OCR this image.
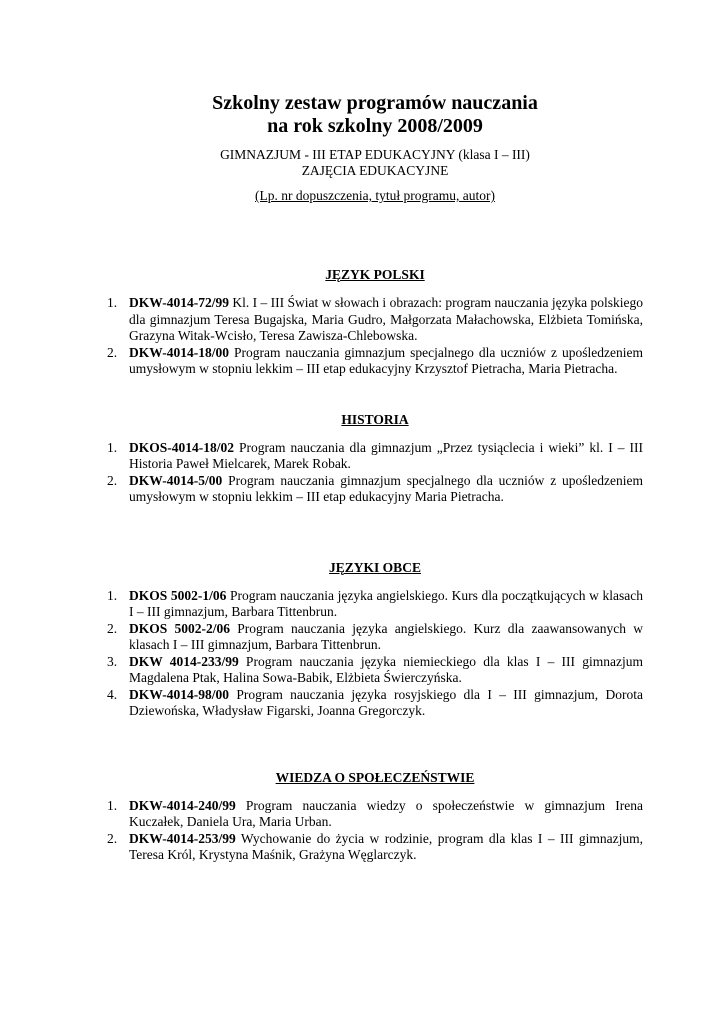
Szkolny zestaw programów nauczania
na rok szkolny 2008/2009

GIMNAZJUM - III ETAP EDUKACYJNY (klasa I – III)

ZAJĘCIA EDUKACYJNE

(Lp. nr dopuszczenia, tytuł programu, autor)

JĘZYK POLSKI
1. DKW-4014-72/99 Kl. I – III Świat w słowach i obrazach: program nauczania języka polskiego dla gimnazjum Teresa Bugajska, Maria Gudro, Małgorzata Małachowska, Elżbieta Tomińska, Grazyna Witak-Wcisło, Teresa Zawisza-Chlebowska.
2. DKW-4014-18/00 Program nauczania gimnazjum specjalnego dla uczniów z upośledzeniem umysłowym w stopniu lekkim – III etap edukacyjny Krzysztof Pietracha, Maria Pietracha.
HISTORIA
1. DKOS-4014-18/02 Program nauczania dla gimnazjum „Przez tysiąclecia i wieki” kl. I – III Historia Paweł Mielcarek, Marek Robak.
2. DKW-4014-5/00 Program nauczania gimnazjum specjalnego dla uczniów z upośledzeniem umysłowym w stopniu lekkim – III etap edukacyjny Maria Pietracha.
JĘZYKI OBCE
1. DKOS 5002-1/06 Program nauczania języka angielskiego. Kurs dla początkujących w klasach I – III gimnazjum, Barbara Tittenbrun.
2. DKOS 5002-2/06 Program nauczania języka angielskiego. Kurz dla zaawansowanych w klasach I – III gimnazjum, Barbara Tittenbrun.
3. DKW 4014-233/99 Program nauczania języka niemieckiego dla klas I – III gimnazjum Magdalena Ptak, Halina Sowa-Babik, Elżbieta Świerczyńska.
4. DKW-4014-98/00 Program nauczania języka rosyjskiego dla I – III gimnazjum, Dorota Dziewońska, Władysław Figarski, Joanna Gregorczyk.
WIEDZA O SPOŁECZEŃSTWIE
1. DKW-4014-240/99 Program nauczania wiedzy o społeczeństwie w gimnazjum Irena Kuczałek, Daniela Ura, Maria Urban.
2. DKW-4014-253/99 Wychowanie do życia w rodzinie, program dla klas I – III gimnazjum, Teresa Król, Krystyna Maśnik, Grażyna Węglarczyk.
